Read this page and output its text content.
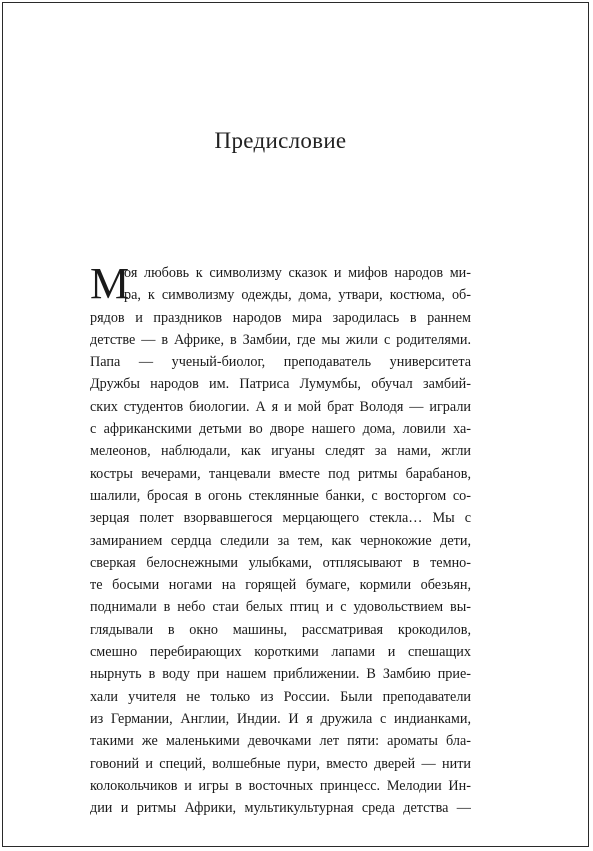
Предисловие
М
оя любовь к символизму сказок и мифов народов ми-
ра, к символизму одежды, дома, утвари, костюма, об-
рядов и праздников народов мира зародилась в раннем
детстве — в Африке, в Замбии, где мы жили с родителями.
Папа — ученый-биолог, преподаватель университета
Дружбы народов им. Патриса Лумумбы, обучал замбий-
ских студентов биологии. А я и мой брат Володя — играли
с африканскими детьми во дворе нашего дома, ловили ха-
мелеонов, наблюдали, как игуаны следят за нами, жгли
костры вечерами, танцевали вместе под ритмы барабанов,
шалили, бросая в огонь стеклянные банки, с восторгом со-
зерцая полет взорвавшегося мерцающего стекла… Мы с
замиранием сердца следили за тем, как чернокожие дети,
сверкая белоснежными улыбками, отплясывают в темно-
те босыми ногами на горящей бумаге, кормили обезьян,
поднимали в небо стаи белых птиц и с удовольствием вы-
глядывали в окно машины, рассматривая крокодилов,
смешно перебирающих короткими лапами и спешащих
нырнуть в воду при нашем приближении. В Замбию прие-
хали учителя не только из России. Были преподаватели
из Германии, Англии, Индии. И я дружила с индианками,
такими же маленькими девочками лет пяти: ароматы бла-
говоний и специй, волшебные пури, вместо дверей — нити
колокольчиков и игры в восточных принцесс. Мелодии Ин-
дии и ритмы Африки, мультикультурная среда детства —
